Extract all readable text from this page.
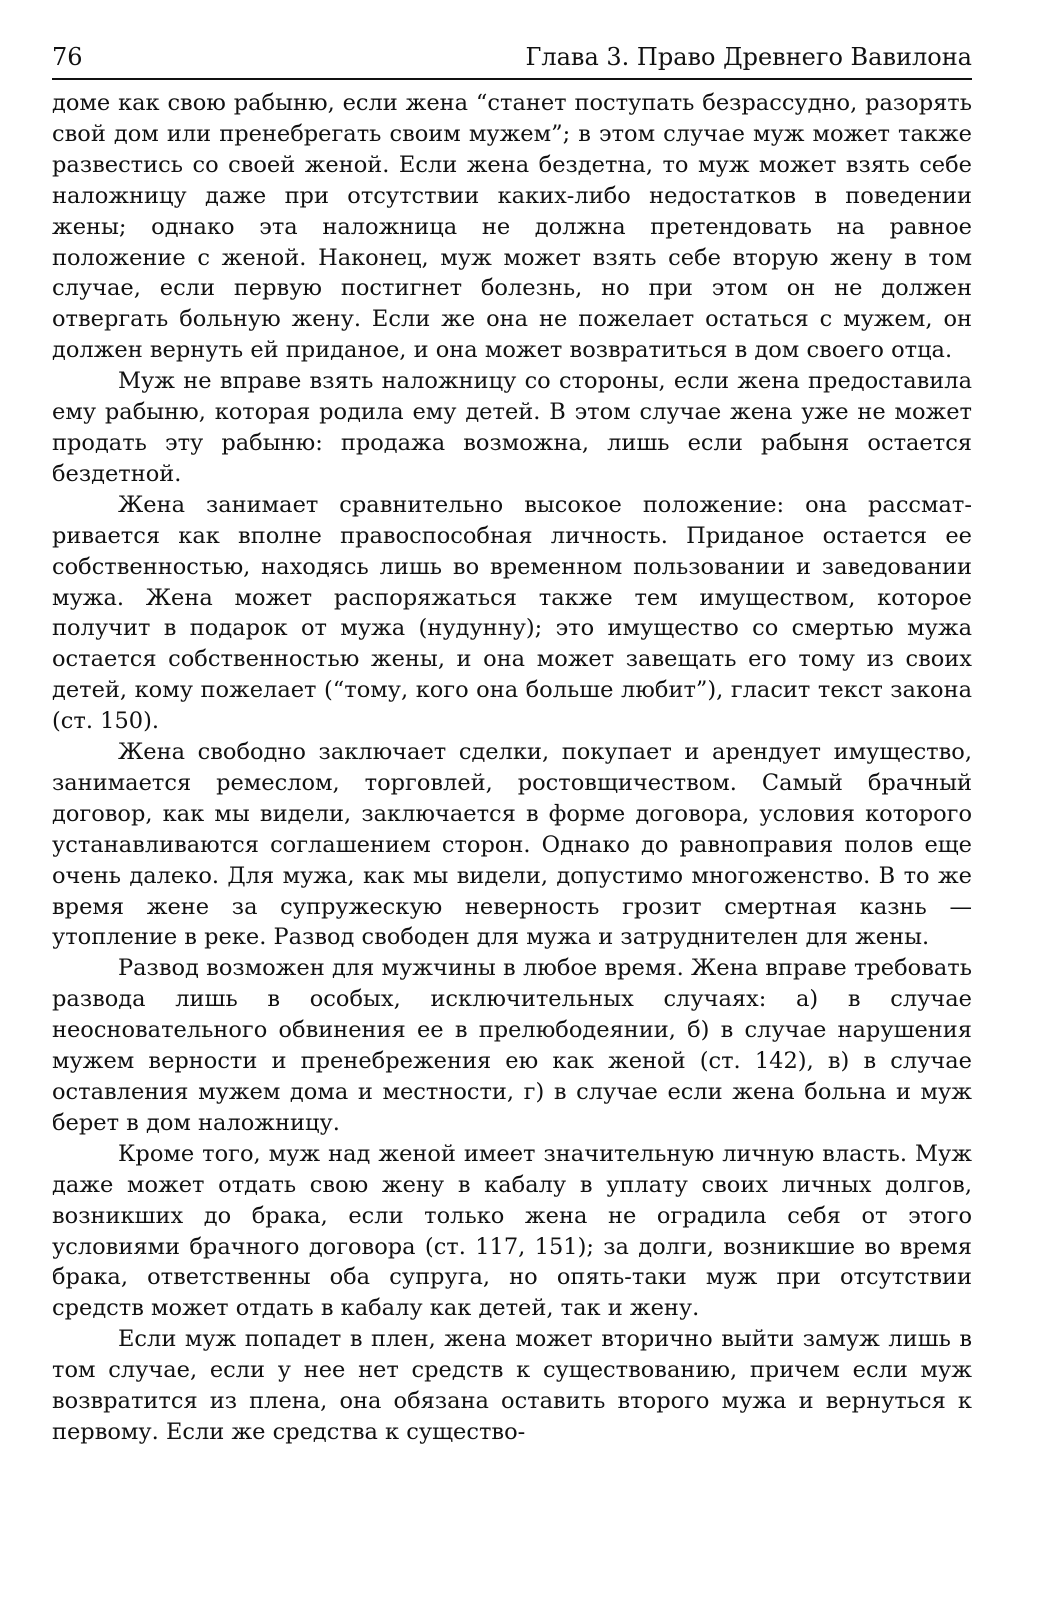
76	Глава 3. Право Древнего Вавилона

доме как свою рабыню, если жена “станет поступать безрассудно, разорять свой дом или пренебрегать своим мужем”; в этом случае муж может также развестись со своей женой. Если жена бездетна, то муж может взять себе наложницу даже при отсутствии каких-либо недостатков в поведении жены; однако эта наложница не должна претендовать на равное положение с женой. Наконец, муж может взять себе вторую жену в том случае, если первую постигнет болезнь, но при этом он не должен отвергать больную жену. Если же она не пожелает остаться с мужем, он должен вернуть ей приданое, и она может возвратиться в дом своего отца.

Муж не вправе взять наложницу со стороны, если жена предоставила ему рабыню, которая родила ему детей. В этом случае жена уже не может продать эту рабыню: продажа возможна, лишь если рабыня остается бездетной.

Жена занимает сравнительно высокое положение: она рассматривается как вполне правоспособная личность. Приданое остается ее собственностью, находясь лишь во временном пользовании и заведовании мужа. Жена может распоряжаться также тем имуществом, которое получит в подарок от мужа (нудунну); это имущество со смертью мужа остается собственностью жены, и она может завещать его тому из своих детей, кому пожелает (“тому, кого она больше любит”), гласит текст закона (ст. 150).

Жена свободно заключает сделки, покупает и арендует имущество, занимается ремеслом, торговлей, ростовщичеством. Самый брачный договор, как мы видели, заключается в форме договора, условия которого устанавливаются соглашением сторон. Однако до равноправия полов еще очень далеко. Для мужа, как мы видели, допустимо многоженство. В то же время жене за супружескую неверность грозит смертная казнь — утопление в реке. Развод свободен для мужа и затруднителен для жены.

Развод возможен для мужчины в любое время. Жена вправе требовать развода лишь в особых, исключительных случаях: а) в случае неосновательного обвинения ее в прелюбодеянии, б) в случае нарушения мужем верности и пренебрежения ею как женой (ст. 142), в) в случае оставления мужем дома и местности, г) в случае если жена больна и муж берет в дом наложницу.

Кроме того, муж над женой имеет значительную личную власть. Муж даже может отдать свою жену в кабалу в уплату своих личных долгов, возникших до брака, если только жена не оградила себя от этого условиями брачного договора (ст. 117, 151); за долги, возникшие во время брака, ответственны оба супруга, но опять-таки муж при отсутствии средств может отдать в кабалу как детей, так и жену.

Если муж попадет в плен, жена может вторично выйти замуж лишь в том случае, если у нее нет средств к существованию, причем если муж возвратится из плена, она обязана оставить второго мужа и вернуться к первому. Если же средства к существо-
